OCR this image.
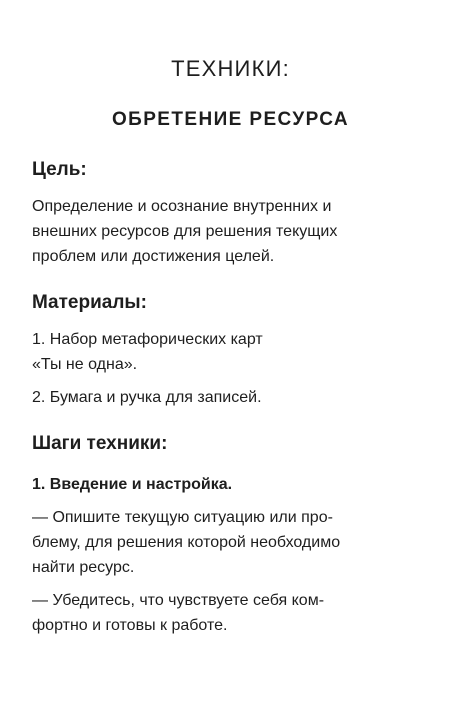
ТЕХНИКИ:
ОБРЕТЕНИЕ РЕСУРСА
Цель:
Определение и осознание внутренних и
внешних ресурсов для решения текущих
проблем или достижения целей.
Материалы:
1. Набор метафорических карт
«Ты не одна».
2. Бумага и ручка для записей.
Шаги техники:
1. Введение и настройка.
— Опишите текущую ситуацию или про-
блему, для решения которой необходимо
найти ресурс.
— Убедитесь, что чувствуете себя ком-
фортно и готовы к работе.
